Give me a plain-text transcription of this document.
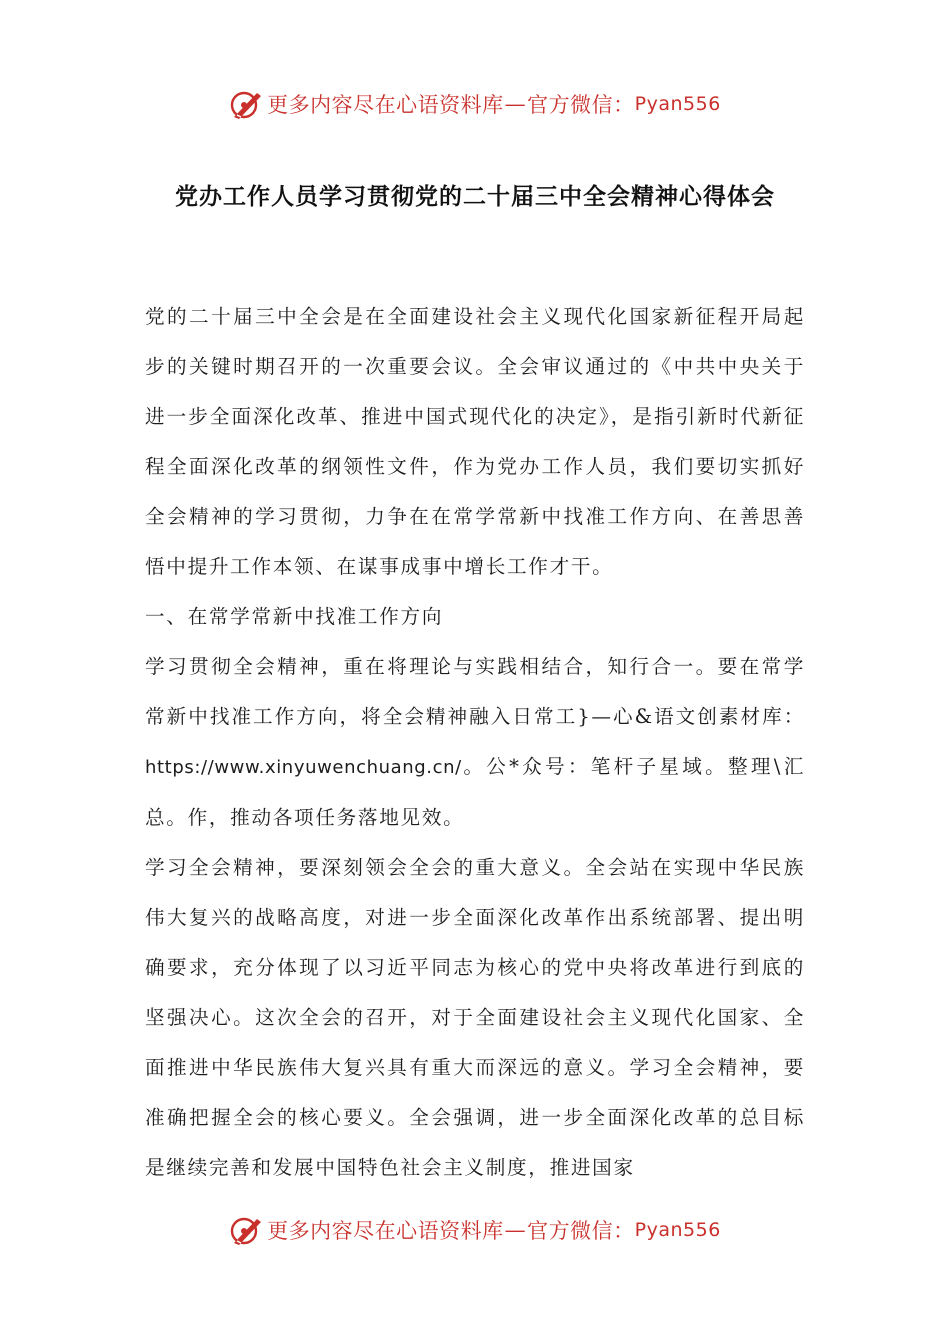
更多内容尽在心语资料库 — 官方微信： Pyan556
党办工作人员学习贯彻党的二十届三中全会精神心得体会

党的二十届三中全会是在全面建设社会主义现代化国家新征程开局起步的关键时期召开的一次重要会议。全会审议通过的《中共中央关于进一步全面深化改革、推进中国式现代化的决定》，是指引新时代新征程全面深化改革的纲领性文件，作为党办工作人员，我们要切实抓好全会精神的学习贯彻，力争在在常学常新中找准工作方向、在善思善悟中提升工作本领、在谋事成事中增长工作才干。

一、在常学常新中找准工作方向

学习贯彻全会精神，重在将理论与实践相结合，知行合一。要在常学常新中找准工作方向，将全会精神融入日常工}—心&语文创素材库：https://www.xinyuwenchuang.cn/。公*众号：笔杆子星域。整理\汇总。作，推动各项任务落地见效。

学习全会精神，要深刻领会全会的重大意义。全会站在实现中华民族伟大复兴的战略高度，对进一步全面深化改革作出系统部署、提出明确要求，充分体现了以习近平同志为核心的党中央将改革进行到底的坚强决心。这次全会的召开，对于全面建设社会主义现代化国家、全面推进中华民族伟大复兴具有重大而深远的意义。学习全会精神，要准确把握全会的核心要义。全会强调，进一步全面深化改革的总目标是继续完善和发展中国特色社会主义制度，推进国家

更多内容尽在心语资料库 — 官方微信： Pyan556
